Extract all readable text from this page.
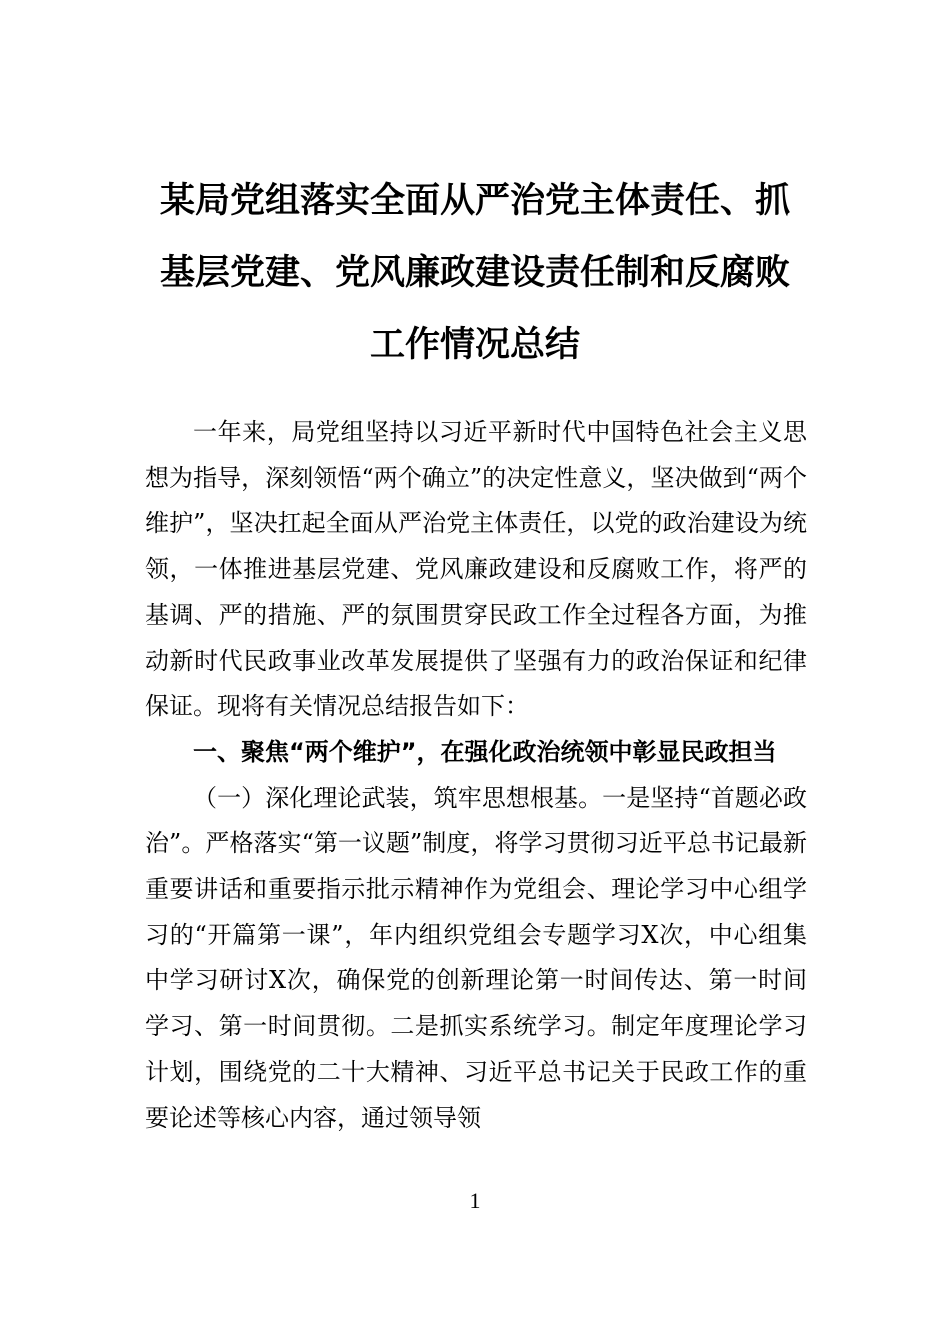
某局党组落实全面从严治党主体责任、抓
基层党建、党风廉政建设责任制和反腐败
工作情况总结

一年来，局党组坚持以习近平新时代中国特色社会主义思想为指导，深刻领悟“两个确立”的决定性意义，坚决做到“两个维护”，坚决扛起全面从严治党主体责任，以党的政治建设为统领，一体推进基层党建、党风廉政建设和反腐败工作，将严的基调、严的措施、严的氛围贯穿民政工作全过程各方面，为推动新时代民政事业改革发展提供了坚强有力的政治保证和纪律保证。现将有关情况总结报告如下：

一、聚焦“两个维护”，在强化政治统领中彰显民政担当

（一）深化理论武装，筑牢思想根基。一是坚持“首题必政治”。严格落实“第一议题”制度，将学习贯彻习近平总书记最新重要讲话和重要指示批示精神作为党组会、理论学习中心组学习的“开篇第一课”，年内组织党组会专题学习X次，中心组集中学习研讨X次，确保党的创新理论第一时间传达、第一时间学习、第一时间贯彻。二是抓实系统学习。制定年度理论学习计划，围绕党的二十大精神、习近平总书记关于民政工作的重要论述等核心内容，通过领导领

1
